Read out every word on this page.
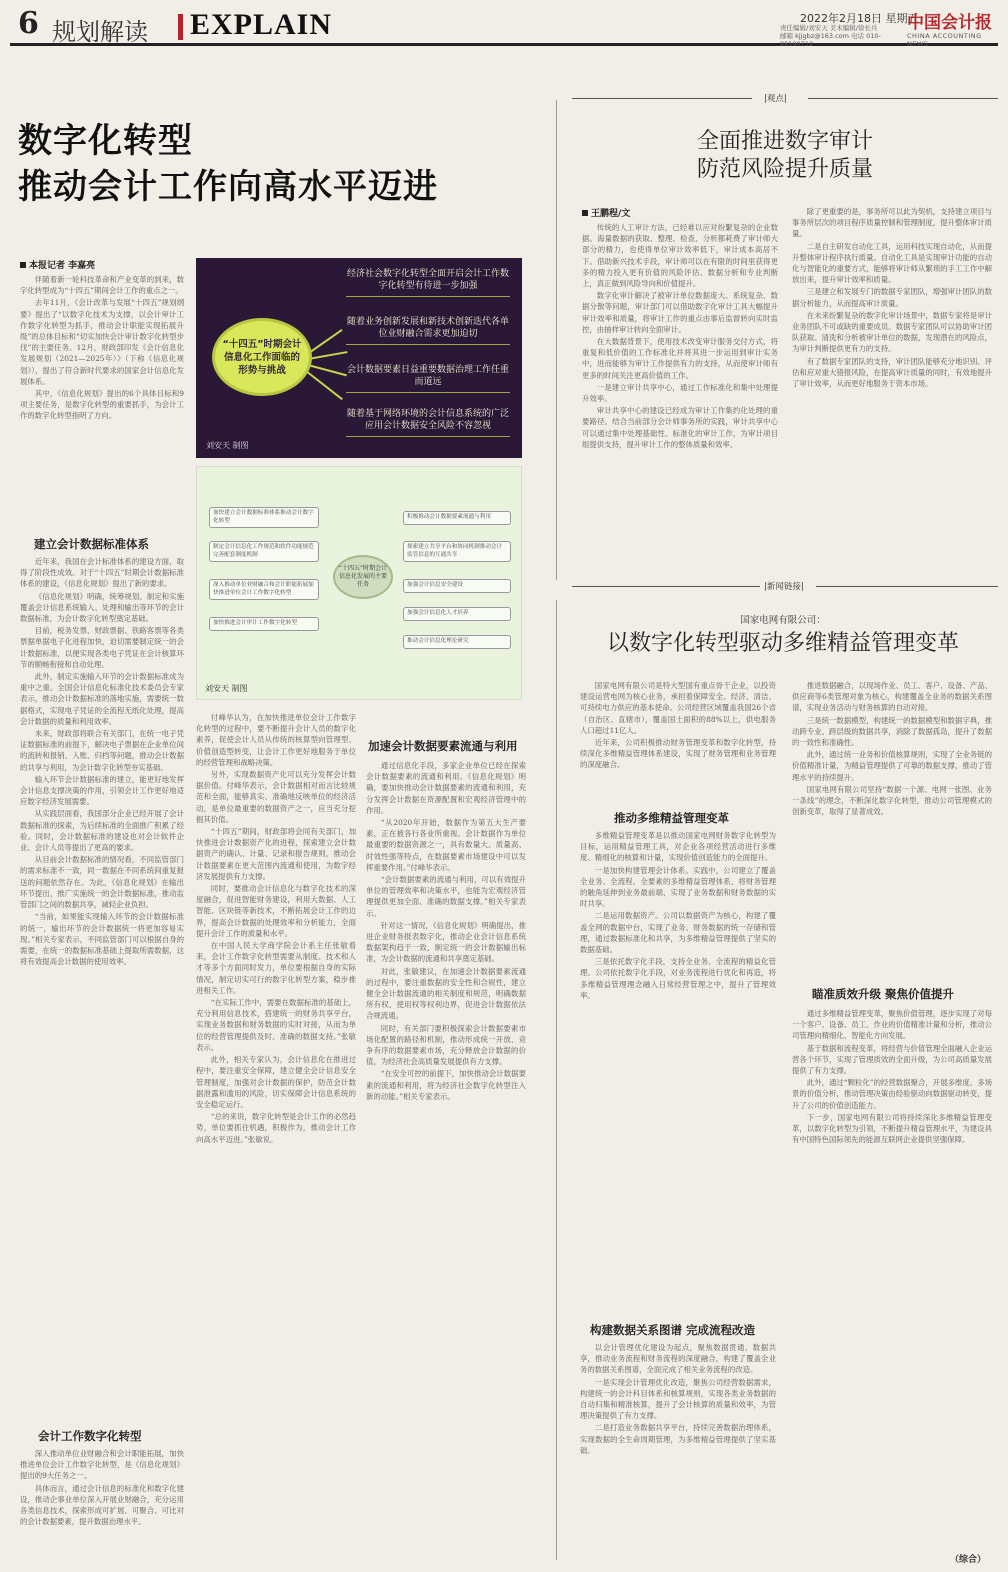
6 规划解读 EXPLAIN	2022年2月18日 星期五
责任编辑/刘安天 美术编辑/徐长兵
邮箱 kjjgbz@163.com 电话 010-88190712
中国会计报
CHINA ACCOUNTING NEWS
数字化转型
推动会计工作向高水平迈进
本报记者 李嘉亮

伴随着新一轮科技革命和产业变革的到来，数字化转型成为“十四五”期间会计工作的重点之一。

去年11月，《会计改革与发展“十四五”规划纲要》提出了“以数字化技术为支撑，以会计审计工作数字化转型为抓手，推动会计职能实现拓展升级”的总体目标和“切实加快会计审计数字化转型步伐”的主要任务。12月，财政部印发《会计信息化发展规划（2021—2025年）》（下称《信息化规划》），提出了符合新时代要求的国家会计信息化发展体系。

其中，《信息化规划》提出的6个具体目标和9项主要任务，是数字化转型的重要抓手，为会计工作的数字化转型指明了方向。

建立会计数据标准体系

近年来，我国在会计标准体系的建设方面，取得了阶段性成效。对于“十四五”时期会计数据标准体系的建设，《信息化规划》提出了新的要求。

《信息化规划》明确，统筹规划、制定和实施覆盖会计信息系统输入、处理和输出等环节的会计数据标准，为会计数字化转型奠定基础。

目前，税务发票、财政票据、铁路客票等各类票据单据电子化进程加快，迫切需要制定统一的会计数据标准，以便实现各类电子凭证在会计核算环节的顺畅衔接和自动处理。

此外，制定实施输入环节的会计数据标准成为重中之重。全国会计信息化标准化技术委员会专家表示，推动会计数据标准的落地实施，需要统一数据格式，实现电子凭证的全流程无纸化处理，提高会计数据的质量和利用效率。

未来，财政部将联合有关部门，在统一电子凭证数据标准的前提下，解决电子票据在企业单位间的流转和报销、入账、归档等问题，推动会计数据的共享与利用，为会计数字化转型夯实基础。

输入环节会计数据标准的建立，能更好地发挥会计信息支撑决策的作用，引领会计工作更好地适应数字经济发展需要。

从实践层面看，我国部分企业已经开展了会计数据标准的探索，为后续标准的全面推广积累了经验。同时，会计数据标准的建设也对会计软件企业、会计人员等提出了更高的要求。

从目前会计数据标准的情况看，不同监管部门的需求标准不一致，同一数据在不同系统间重复报送的问题依然存在。为此，《信息化规划》在输出环节提出，推广实施统一的会计数据标准，推动监管部门之间的数据共享，减轻企业负担。

“当前，如果能实现输入环节的会计数据标准的统一，输出环节的会计数据统一将更加容易实现。”相关专家表示，不同监管部门可以根据自身的需要，在统一的数据标准基础上提取所需数据，这将有效提高会计数据的使用效率。

会计工作数字化转型

深入推动单位业财融合和会计职能拓展，加快推进单位会计工作数字化转型，是《信息化规划》提出的9大任务之一。

具体而言，通过会计信息的标准化和数字化建设，推动企事业单位深入开展业财融合，充分运用各类信息技术，探索形成可扩展、可聚合、可比对的会计数据要素，提升数据治理水平。

“十四五”时期会计信息化工作面临的形势与挑战
经济社会数字化转型全面开启会计工作数字化转型有待进一步加强
随着业务创新发展和新技术创新迭代各单位业财融合需求更加迫切
会计数据要素日益重要数据治理工作任重而道远
随着基于网络环境的会计信息系统的广泛应用会计数据安全风险不容忽视
刘安天 制图
“十四五”时期会计信息化发展的主要任务
加快建立会计数据标准体系推动会计数字化转型
制定会计信息化工作规范和软件功能规范完善配套制度机制
深入推动单位业财融合和会计职能拓展加快推进单位会计工作数字化转型
加快推进会计审计工作数字化转型
积极推动会计数据要素流通与利用
探索建立共享平台和协同机制推动会计监管信息的互通共享
加强会计信息安全建设
加强会计信息化人才培养
推动会计信息化理论研究
刘安天 制图

付峰华认为，在加快推进单位会计工作数字化转型的过程中，要不断提升会计人员的数字化素养，促使会计人员从传统的核算型向管理型、价值创造型转变，让会计工作更好地服务于单位的经营管理和战略决策。

另外，实现数据资产化可以充分发挥会计数据价值。付峰华表示，会计数据相对而言比较规范和全面，能够真实、准确地反映单位的经济活动，是单位最重要的数据资产之一，应当充分挖掘其价值。

“十四五”期间，财政部将会同有关部门，加快推进会计数据资产化的进程，探索建立会计数据资产的确认、计量、记录和报告规则，推动会计数据要素在更大范围内流通和使用，为数字经济发展提供有力支撑。

同时，要推动会计信息化与数字化技术的深度融合，促进智能财务建设，利用大数据、人工智能、区块链等新技术，不断拓展会计工作的边界，提高会计数据的处理效率和分析能力，全面提升会计工作的质量和水平。

在中国人民大学商学院会计系主任张敏看来，会计工作数字化转型需要从制度、技术和人才等多个方面同时发力，单位要根据自身的实际情况，制定切实可行的数字化转型方案，稳步推进相关工作。

“在实际工作中，需要在数据标准的基础上，充分利用信息技术，搭建统一的财务共享平台，实现业务数据和财务数据的实时对接，从而为单位的经营管理提供及时、准确的数据支持。”张敏表示。

此外，相关专家认为，会计信息化在推进过程中，要注重安全保障，建立健全会计信息安全管理制度，加强对会计数据的保护，防范会计数据泄露和滥用的风险，切实保障会计信息系统的安全稳定运行。

“总的来说，数字化转型是会计工作的必然趋势，单位要抓住机遇，积极作为，推动会计工作向高水平迈进。”张敏说。

加速会计数据要素流通与利用

通过信息化手段，多家企业单位已经在探索会计数据要素的流通和利用。《信息化规划》明确，要加快推动会计数据要素的流通和利用，充分发挥会计数据在资源配置和宏观经济管理中的作用。

“从2020年开始，数据作为第五大生产要素，正在被各行各业所重视。会计数据作为单位最重要的数据资源之一，具有数量大、质量高、时效性强等特点，在数据要素市场建设中可以发挥重要作用。”付峰华表示。

“会计数据要素的流通与利用，可以有效提升单位的管理效率和决策水平，也能为宏观经济管理提供更加全面、准确的数据支撑。”相关专家表示。

针对这一情况，《信息化规划》明确提出，推进企业财务报表数字化，推动企业会计信息系统数据架构趋于一致，制定统一的会计数据输出标准，为会计数据的流通和共享奠定基础。

对此，张敏建议，在加速会计数据要素流通的过程中，要注重数据的安全性和合规性，建立健全会计数据流通的相关制度和规范，明确数据所有权、使用权等权利边界，促进会计数据依法合规流通。

同时，有关部门要积极探索会计数据要素市场化配置的路径和机制，推动形成统一开放、竞争有序的数据要素市场，充分释放会计数据的价值，为经济社会高质量发展提供有力支撑。

“在安全可控的前提下，加快推动会计数据要素的流通和利用，将为经济社会数字化转型注入新的动能。”相关专家表示。

|观点|
全面推进数字审计
防范风险提升质量
王鹏程/文

传统的人工审计方法，已经难以应对纷繁复杂的企业数据。海量数据的获取、整理、检查、分析都耗费了审计师大部分的精力，也使得单位审计效率低下，审计成本高居不下。借助新兴技术手段，审计师可以在有限的时间里获得更多的精力投入更有价值的风险评估、数据分析和专业判断上，真正做到风险导向和价值提升。

数字化审计解决了被审计单位数据庞大、系统复杂、数据分散等问题，审计部门可以借助数字化审计工具大幅提升审计效率和质量，将审计工作的重点由事后监督转向实时监控，由抽样审计转向全面审计。

在大数据背景下，使用技术改变审计服务交付方式，将重复和低价值的工作标准化并将其进一步运用到审计实务中，进而能够为审计工作提供有力的支持，从而使审计师有更多的时间关注更高价值的工作。

一是建立审计共享中心，通过工作标准化和集中处理提升效率。

审计共享中心的建设已经成为审计工作集约化处理的重要路径。结合当前部分会计师事务所的实践，审计共享中心可以通过集中处理基础性、标准化的审计工作，为审计项目组提供支持，提升审计工作的整体质量和效率。

除了更重要的是，事务所可以此为契机，支持建立项目与事务所层次的项目程序质量控制和管理制度，提升整体审计质量。

二是自主研发自动化工具，运用科技实现自动化，从而提升整体审计程序执行质量。自动化工具是实现审计功能的自动化与智能化的重要方式，能够将审计师从繁琐的手工工作中解放出来，提升审计效率和质量。

三是建立和发展专门的数据专家团队，增强审计团队的数据分析能力，从而提高审计质量。

在未来纷繁复杂的数字化审计场景中，数据专家将是审计业务团队不可或缺的重要成员。数据专家团队可以协助审计团队获取、清洗和分析被审计单位的数据，发现潜在的风险点，为审计判断提供更有力的支持。

有了数据专家团队的支持，审计团队能够充分地识别、评估和应对重大错报风险，在提高审计质量的同时，有效地提升了审计效率，从而更好地服务于资本市场。

|新闻链接|
国家电网有限公司：
以数字化转型驱动多维精益管理变革

国家电网有限公司是特大型国有重点骨干企业，以投资建设运营电网为核心业务，承担着保障安全、经济、清洁、可持续电力供应的基本使命。公司经营区域覆盖我国26个省（自治区、直辖市），覆盖国土面积的88%以上，供电服务人口超过11亿人。

近年来，公司积极推动财务管理变革和数字化转型，持续深化多维精益管理体系建设，实现了财务管理和业务管理的深度融合。

推动多维精益管理变革

多维精益管理变革是以推动国家电网财务数字化转型为目标，运用精益管理工具，对企业各项经营活动进行多维度、精细化的核算和计量，实现价值创造能力的全面提升。

一是加快构建管理会计体系。实践中，公司建立了覆盖全业务、全流程、全要素的多维精益管理体系，将财务管理的触角延伸到业务最前端，实现了业务数据和财务数据的实时共享。

二是运用数据资产。公司以数据资产为核心，构建了覆盖全网的数据中台，实现了业务、财务数据的统一存储和管理，通过数据标准化和共享，为多维精益管理提供了坚实的数据基础。

三是依托数字化手段，支持全业务、全流程的精益化管理。公司依托数字化手段，对业务流程进行优化和再造，将多维精益管理理念融入日常经营管理之中，提升了管理效率。

构建数据关系图谱 完成流程改造

以会计管理优化建设为起点，聚焦数据贯通、数据共享，推动业务流程和财务流程的深度融合，构建了覆盖全业务的数据关系图谱，全面完成了相关业务流程的改造。

一是实现会计管理优化改造，聚焦公司经营数据需求，构建统一的会计科目体系和核算规则，实现各类业务数据的自动归集和精准核算，提升了会计核算的质量和效率，为管理决策提供了有力支撑。

二是打造业务数据共享平台，持续完善数据治理体系，实现数据的全生命周期管理，为多维精益管理提供了坚实基础。

推进数据融合，以现场作业、员工、客户、设备、产品、供应商等6类管理对象为核心，构建覆盖全业务的数据关系图谱，实现业务活动与财务核算的自动对接。

三是统一数据模型，构建统一的数据模型和数据字典，推动跨专业、跨层级的数据共享，消除了数据孤岛，提升了数据的一致性和准确性。

此外，通过统一业务和价值核算规则，实现了全业务链的价值精准计量，为精益管理提供了可靠的数据支撑，推动了管理水平的持续提升。

国家电网有限公司坚持“数据一个源、电网一张图、业务一条线”的理念，不断深化数字化转型，推动公司管理模式的创新变革，取得了显著成效。

瞄准质效升级 聚焦价值提升

通过多维精益管理变革，聚焦价值管理，逐步实现了对每一个客户、设备、员工、作业的价值精准计量和分析，推动公司管理向精细化、智能化方向发展。

基于数据和流程变革，将经营与价值管理全面融入企业运营各个环节，实现了管理质效的全面升级，为公司高质量发展提供了有力支撑。

此外，通过“颗粒化”的经营数据聚合，开展多维度、多场景的价值分析，推动管理决策由经验驱动向数据驱动转变，提升了公司的价值创造能力。

下一步，国家电网有限公司将持续深化多维精益管理变革，以数字化转型为引领，不断提升精益管理水平，为建设具有中国特色国际领先的能源互联网企业提供坚强保障。

（综合）
